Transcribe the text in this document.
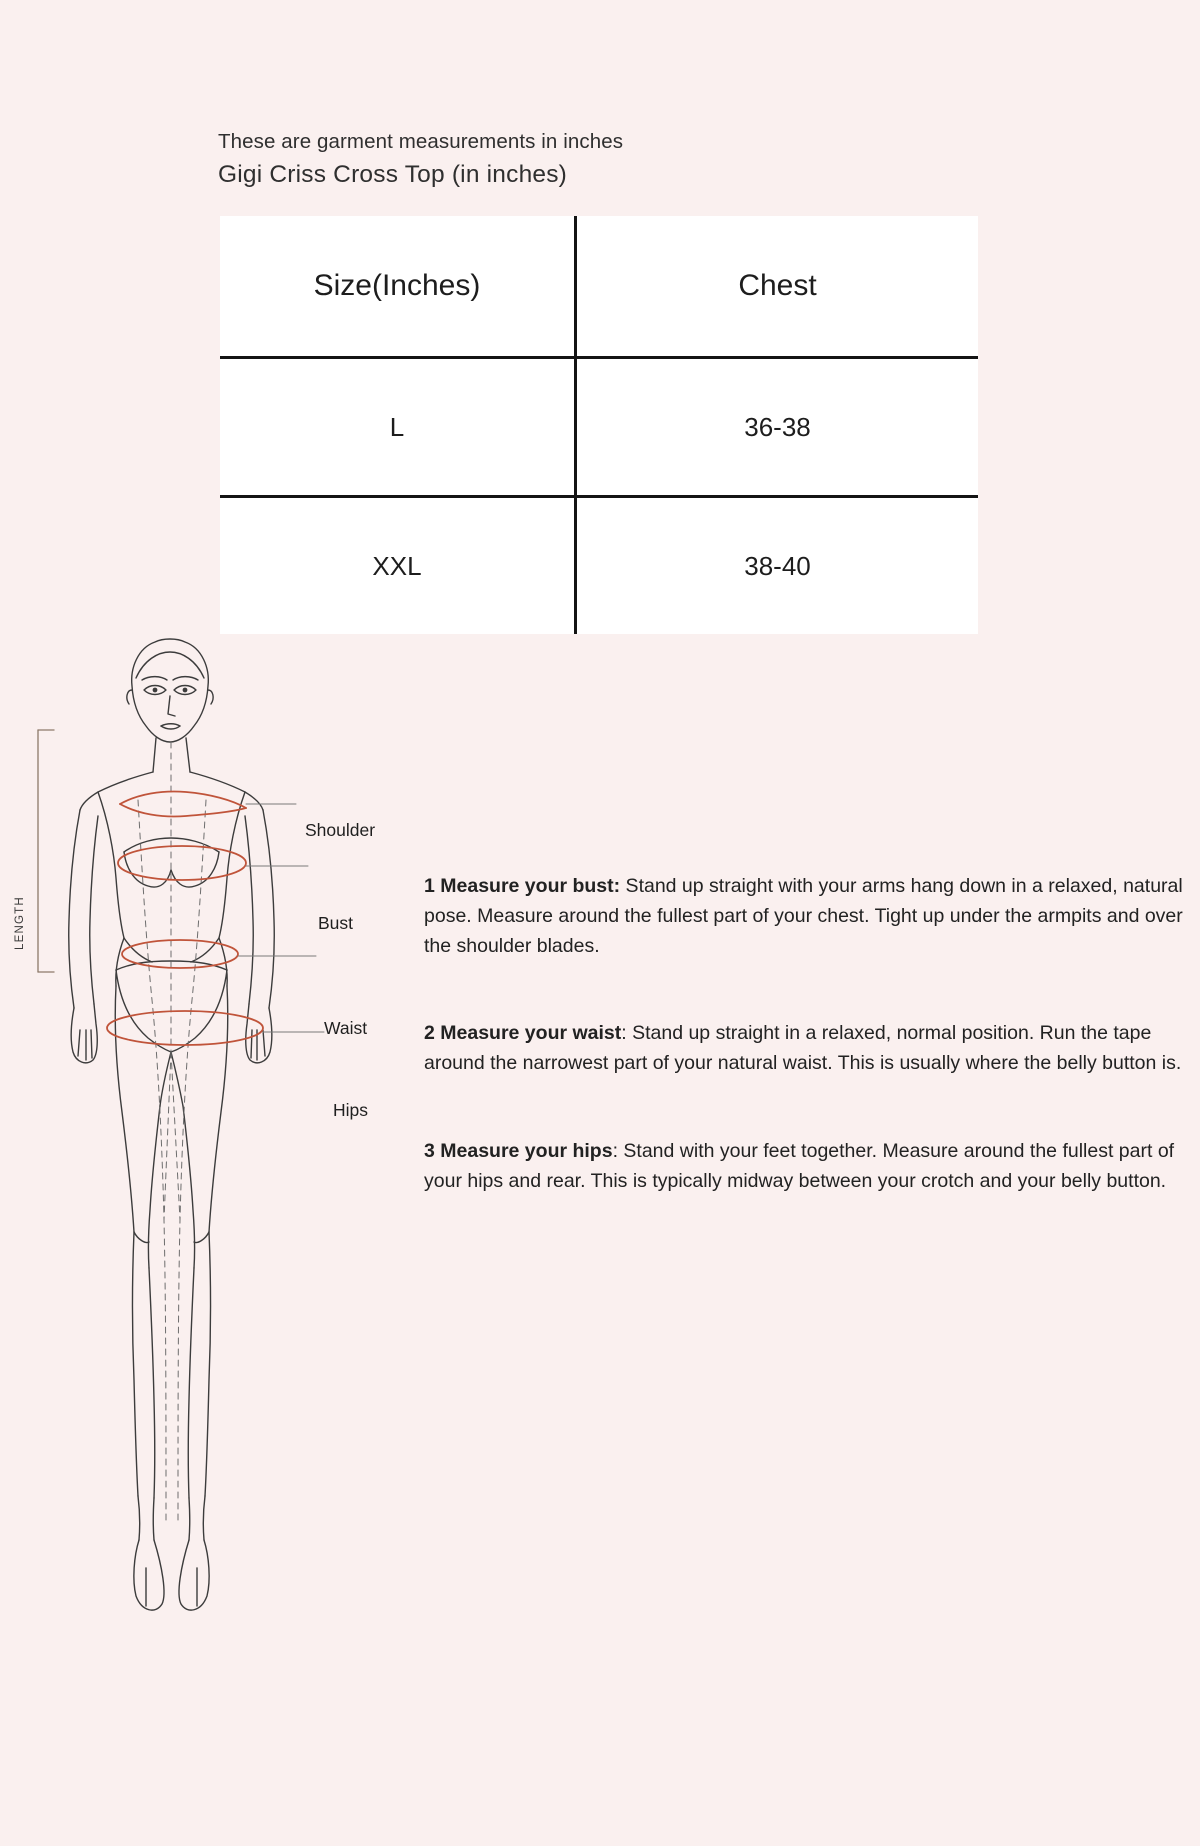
These are garment measurements in inches
Gigi Criss Cross Top (in inches)
Size(Inches)	Chest
L	36-38
XXL	38-40
LENGTH
Shoulder
Bust
Waist
Hips

1 Measure your bust: Stand up straight with your arms hang down in a relaxed, natural pose. Measure around the fullest part of your chest. Tight up under the armpits and over the shoulder blades.

2 Measure your waist: Stand up straight in a relaxed, normal position. Run the tape around the narrowest part of your natural waist. This is usually where the belly button is.

3 Measure your hips: Stand with your feet together. Measure around the fullest part of your hips and rear. This is typically midway between your crotch and your belly button.
